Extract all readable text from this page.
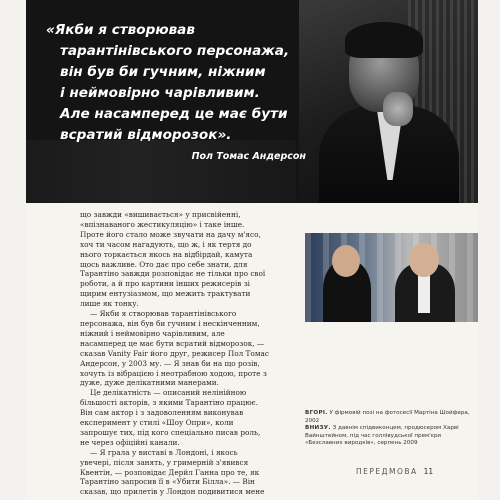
«Якби я створював
тарантінівського персонажа,
він був би гучним, ніжним
і неймовірно чарівливим.
Але насамперед це має бути
всратий відморозок».

Пол Томас Андерсон

що завжди «вишивається» у присвійенні, «впізнаваного жестикуляцію» і таке інше. Проте його стало може звучати на дачу м'ясо, хоч ти часом нагадують, що ж, і як тертя до нього торкається якось на відбірдай, камута щось важливе. Ото дає про себе знати, для Тарантіно завжди розповідає не тільки про свої роботи, а й про картини інших режисерів зі щирим ентузіазмом, що межить трактувати лише як тонку.

— Якби я створював тарантінівського персонажа, він був би гучним і нескінченним, ніжний і неймовірно чарівливим, але насамперед це має бути всратий відморозок, — сказав Vanity Fair його друг, режисер Пол Томас Андерсон, у 2003 му. — Я знав би на що розів, хочуть із вібрацією і неотрабною ходою, проте з дуже, дуже делікатними манерами.

Це делікатність — описаний нелінійною більшості акторів, з якими Тарантіно працює. Він сам актор і з задоволенням виконував експеримент у стилі «Шоу Опри», коли запрошує тих, під кого спеціально писав роль, не через офіційні канали.

— Я грала у виставі в Лондоні, і якось увечері, після занять, у гримерній з'явився Квентін, — розповідає Дерйл Ганна про те, як Тарантіно запросив її в «Убити Білла». — Він сказав, що прилетів у Лондон подивитися мене

ВГОРІ. У фірмовій позі на фотосесії Мартіна Шойфера, 2002
ВНИЗУ. З давнім спідвиконцем, продюсером Харві Вайнштейном, під час голлівудської прем'єри «Безславних виродків», серпень 2009
ПЕРЕДМОВА 11
